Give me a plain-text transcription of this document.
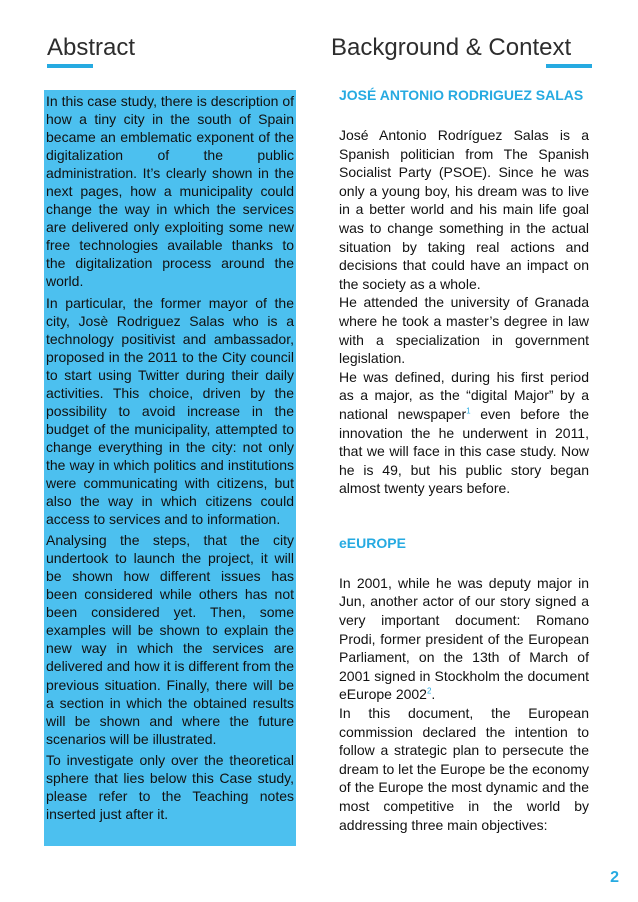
Abstract	Background & Context

In this case study, there is description of how a tiny city in the south of Spain became an emblematic exponent of the digitalization of the public administration. It’s clearly shown in the next pages, how a municipality could change the way in which the services are delivered only exploiting some new free technologies available thanks to the digitalization process around the world.

In particular, the former mayor of the city, Josè Rodriguez Salas who is a technology positivist and ambassador, proposed in the 2011 to the City council to start using Twitter during their daily activities. This choice, driven by the possibility to avoid increase in the budget of the municipality, attempted to change everything in the city: not only the way in which politics and institutions were communicating with citizens, but also the way in which citizens could access to services and to information.

Analysing the steps, that the city undertook to launch the project, it will be shown how different issues has been considered while others has not been considered yet. Then, some examples will be shown to explain the new way in which the services are delivered and how it is different from the previous situation. Finally, there will be a section in which the obtained results will be shown and where the future scenarios will be illustrated.

To investigate only over the theoretical sphere that lies below this Case study, please refer to the Teaching notes inserted just after it.

JOSÉ ANTONIO RODRIGUEZ SALAS

José Antonio Rodríguez Salas is a Spanish politician from The Spanish Socialist Party (PSOE). Since he was only a young boy, his dream was to live in a better world and his main life goal was to change something in the actual situation by taking real actions and decisions that could have an impact on the society as a whole.

He attended the university of Granada where he took a master’s degree in law with a specialization in government legislation.

He was defined, during his first period as a major, as the “digital Major” by a national newspaper$^1$ even before the innovation the he underwent in 2011, that we will face in this case study. Now he is 49, but his public story began almost twenty years before.

eEUROPE

In 2001, while he was deputy major in Jun, another actor of our story signed a very important document: Romano Prodi, former president of the European Parliament, on the 13th of March of 2001 signed in Stockholm the document eEurope 2002$^2$.

In this document, the European commission declared the intention to follow a strategic plan to persecute the dream to let the Europe be the economy of the Europe the most dynamic and the most competitive in the world by addressing three main objectives:

2
